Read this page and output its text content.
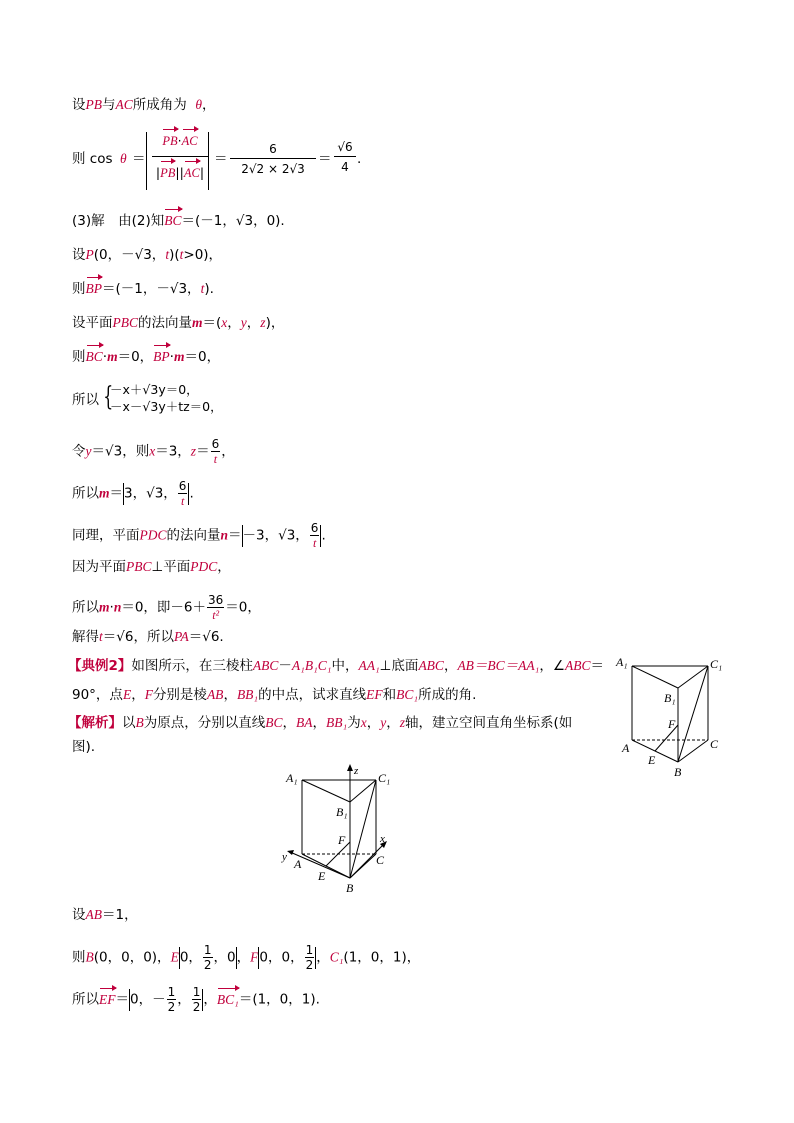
设PB与AC所成角为 θ，
则 cos θ ＝
PB·AC
|PB||AC|
＝
6
2√2 × 2√3
＝
√6
4 .
(3)解　由(2)知BC＝(－1，√3，0).
设P(0，－√3，t)(t>0)，
则BP＝(－1，－√3，t).
设平面PBC的法向量m＝(x，y，z)，
则BC·m＝0，BP·m＝0，
所以 {
－x＋√3y＝0，
－x－√3y＋tz＝0，
令y＝√3，则x＝3，$z= \frac{6}{t}$ ，
所以m＝3，√3， $\frac{6}{t}$ .
同理，平面PDC的法向量n＝－3，√3， $\frac{6}{t}$ .
因为平面PBC⊥平面PDC，
所以m·n＝0，即$-6+ \frac{36}{\text{t²}} =0$，
解得t＝√6，所以PA＝√6.
【典例2】如图所示，在三棱柱ABC－A₁B₁C₁中，AA₁⊥底面ABC，AB＝BC＝AA₁，∠ABC＝
90°，点E，F分别是棱AB，BB₁的中点，试求直线EF和BC₁所成的角.
【解析】以B为原点，分别以直线BC，BA，BB₁为x，y，z轴，建立空间直角坐标系(如
图).
A₁	C₁
B₁
F
A
E
C
B
A₁	C₁
B₁
F
A
E
C
B
x
y
z
设AB＝1，
则B(0，0，0)，E0， $\frac{1}{2}$ ，0，F0，0， $\frac{1}{2}$ ，C₁(1，0，1)，
所以EF＝0，－ $\frac{1}{2}$ ， $\frac{1}{2}$ ，BC₁＝(1，0，1).
